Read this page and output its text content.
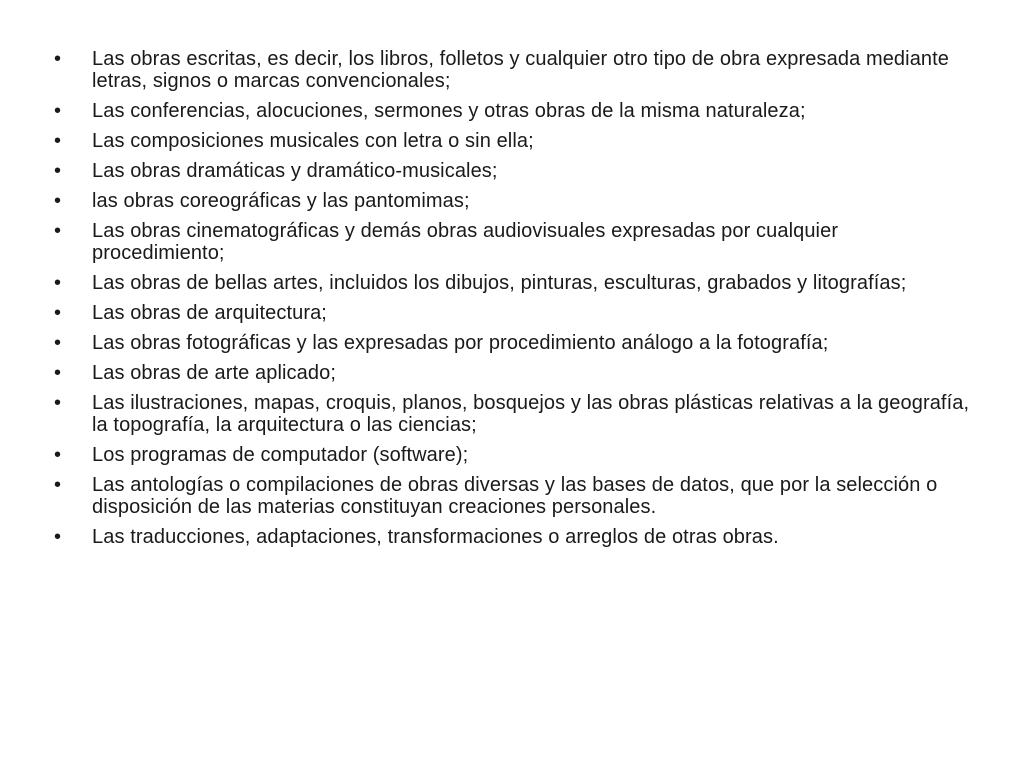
• Las obras escritas, es decir, los libros, folletos y cualquier otro tipo de obra expresada mediante letras, signos o marcas convencionales;
• Las conferencias, alocuciones, sermones y otras obras de la misma naturaleza;
• Las composiciones musicales con letra o sin ella;
• Las obras dramáticas y dramático-musicales;
• las obras coreográficas y las pantomimas;
• Las obras cinematográficas y demás obras audiovisuales expresadas por cualquier procedimiento;
• Las obras de bellas artes, incluidos los dibujos, pinturas, esculturas, grabados y litografías;
• Las obras de arquitectura;
• Las obras fotográficas y las expresadas por procedimiento análogo a la fotografía;
• Las obras de arte aplicado;
• Las ilustraciones, mapas, croquis, planos, bosquejos y las obras plásticas relativas a la geografía, la topografía, la arquitectura o las ciencias;
• Los programas de computador (software);
• Las antologías o compilaciones de obras diversas y las bases de datos, que por la selección o disposición de las materias constituyan creaciones personales.
• Las traducciones, adaptaciones, transformaciones o arreglos de otras obras.
